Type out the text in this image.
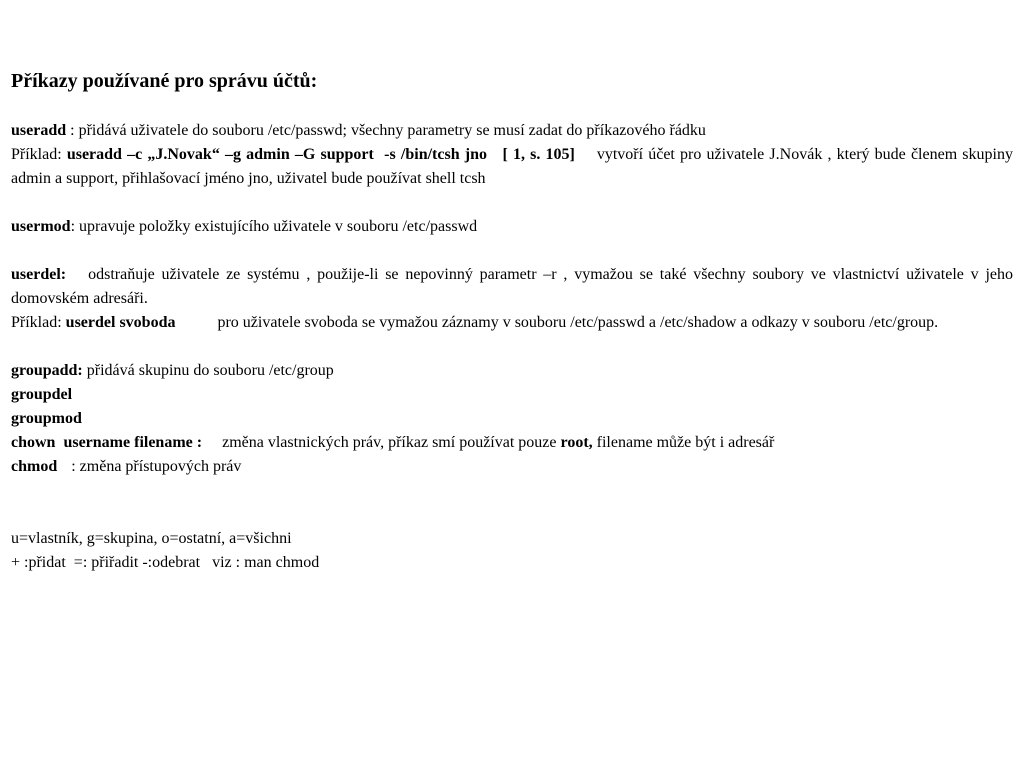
Příkazy používané pro správu účtů:
useradd : přidává uživatele do souboru /etc/passwd; všechny parametry se musí zadat do příkazového řádku
Příklad: useradd –c „J.Novak“ –g admin –G support  -s /bin/tcsh jno   [ 1, s. 105] vytvoří účet pro uživatele J.Novák , který bude členem skupiny admin a support, přihlašovací jméno jno, uživatel bude používat shell tcsh
usermod: upravuje položky existujícího uživatele v souboru /etc/passwd
userdel: odstraňuje uživatele ze systému , použije-li se nepovinný parametr –r , vymažou se také všechny soubory ve vlastnictví uživatele v jeho domovském adresáři.
Příklad: userdel svoboda	pro uživatele svoboda se vymažou záznamy v souboru /etc/passwd a /etc/shadow a odkazy v souboru /etc/group.
groupadd: přidává skupinu do souboru /etc/group
groupdel
groupmod
chown  username filename : změna vlastnických práv, příkaz smí používat pouze root, filename může být i adresář
chmod : změna přístupových práv
u=vlastník, g=skupina, o=ostatní, a=všichni
+ :přidat  =: přiřadit -:odebrat   viz : man chmod
